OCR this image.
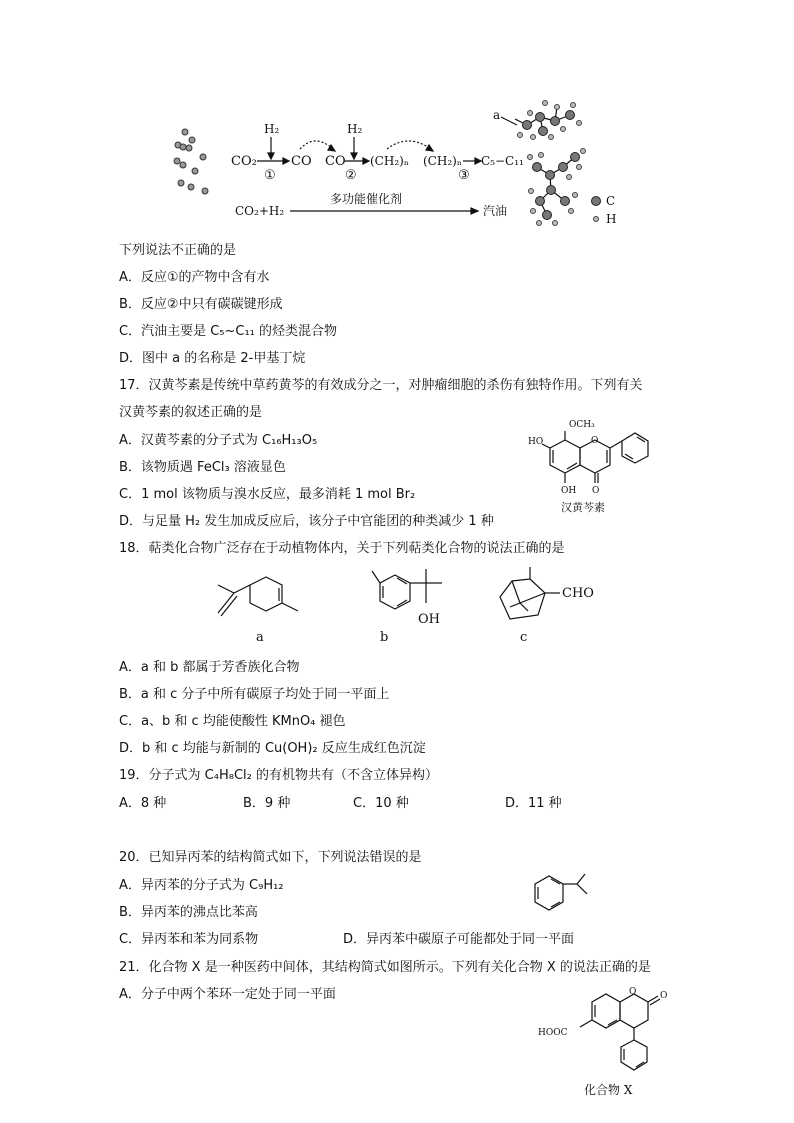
CO₂
H₂
①
CO CO
H₂
②
(CH₂)ₙ (CH₂)ₙ
③
C₅−C₁₁
CO₂+H₂
多功能催化剂
汽油
a
C
H
下列说法不正确的是
A．反应①的产物中含有水
B．反应②中只有碳碳键形成
C．汽油主要是 C₅~C₁₁ 的烃类混合物
D．图中 a 的名称是 2-甲基丁烷
17．汉黄芩素是传统中草药黄芩的有效成分之一，对肿瘤细胞的杀伤有独特作用。下列有关
汉黄芩素的叙述正确的是
A．汉黄芩素的分子式为 C₁₆H₁₃O₅
B．该物质遇 FeCl₃ 溶液显色
C．1 mol 该物质与溴水反应，最多消耗 1 mol Br₂
D．与足量 H₂ 发生加成反应后，该分子中官能团的种类减少 1 种
OCH₃
HO
OH
O
O
汉黄芩素
18．萜类化合物广泛存在于动植物体内，关于下列萜类化合物的说法正确的是
a
OH
b
CHO
c
A．a 和 b 都属于芳香族化合物
B．a 和 c 分子中所有碳原子均处于同一平面上
C．a、b 和 c 均能使酸性 KMnO₄ 褪色
D．b 和 c 均能与新制的 Cu(OH)₂ 反应生成红色沉淀
19．分子式为 C₄H₈Cl₂ 的有机物共有（不含立体异构）
A．8 种	B．9 种	C．10 种	D．11 种
20．已知异丙苯的结构简式如下，下列说法错误的是
A．异丙苯的分子式为 C₉H₁₂
B．异丙苯的沸点比苯高
C．异丙苯和苯为同系物	D．异丙苯中碳原子可能都处于同一平面
21．化合物 X 是一种医药中间体，其结构简式如图所示。下列有关化合物 X 的说法正确的是
A．分子中两个苯环一定处于同一平面	O	O
HOOC
化合物 X
